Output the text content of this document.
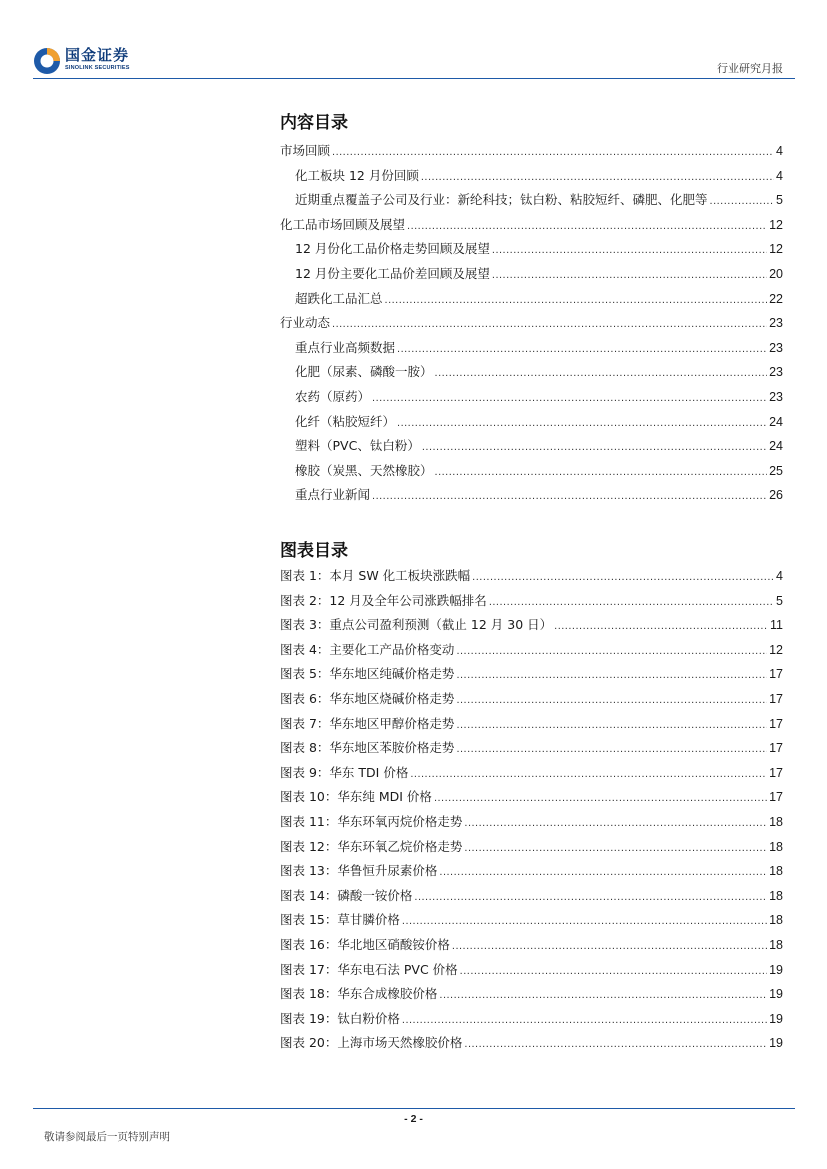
国金证券
SINOLINK SECURITIES	行业研究月报
内容目录
市场回顾 .....	4
化工板块 12 月份回顾 .....	4
近期重点覆盖子公司及行业：新纶科技；钛白粉、粘胶短纤、磷肥、化肥等 .....	5
化工品市场回顾及展望 .....	12
12 月份化工品价格走势回顾及展望 .....	12
12 月份主要化工品价差回顾及展望 .....	20
超跌化工品汇总 .....	22
行业动态 .....	23
重点行业高频数据 .....	23
化肥（尿素、磷酸一胺） .....	23
农药（原药） .....	23
化纤（粘胶短纤） .....	24
塑料（PVC、钛白粉） .....	24
橡胶（炭黑、天然橡胶） .....	25
重点行业新闻 .....	26
图表目录
图表 1：本月 SW 化工板块涨跌幅 .....	4
图表 2：12 月及全年公司涨跌幅排名 .....	5
图表 3：重点公司盈利预测（截止 12 月 30 日） .....	11
图表 4：主要化工产品价格变动 .....	12
图表 5：华东地区纯碱价格走势 .....	17
图表 6：华东地区烧碱价格走势 .....	17
图表 7：华东地区甲醇价格走势 .....	17
图表 8：华东地区苯胺价格走势 .....	17
图表 9：华东 TDI 价格 .....	17
图表 10：华东纯 MDI 价格 .....	17
图表 11：华东环氧丙烷价格走势 .....	18
图表 12：华东环氧乙烷价格走势 .....	18
图表 13：华鲁恒升尿素价格 .....	18
图表 14：磷酸一铵价格 .....	18
图表 15：草甘膦价格 .....	18
图表 16：华北地区硝酸铵价格 .....	18
图表 17：华东电石法 PVC 价格 .....	19
图表 18：华东合成橡胶价格 .....	19
图表 19：钛白粉价格 .....	19
图表 20：上海市场天然橡胶价格 .....	19
- 2 -
敬请参阅最后一页特别声明
